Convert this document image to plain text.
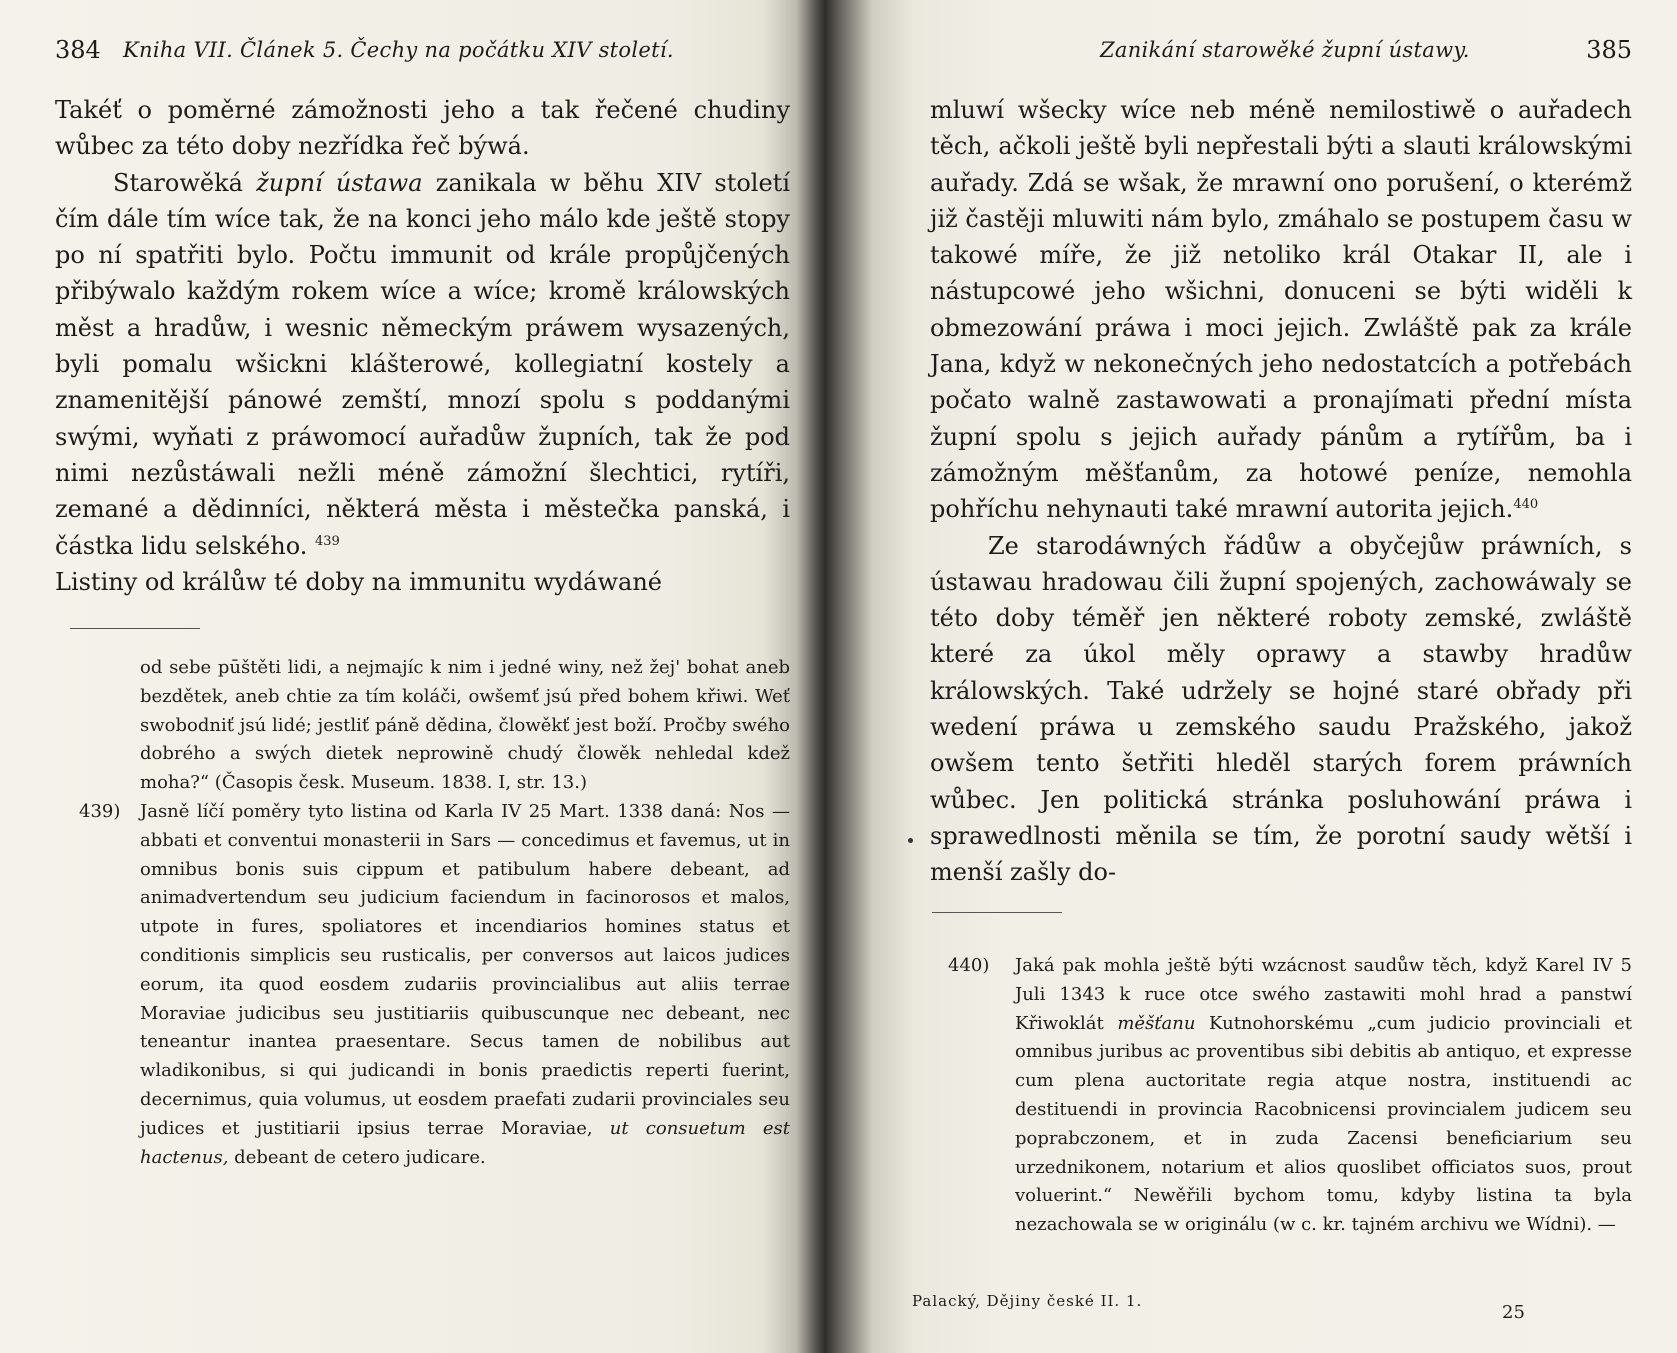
384 Kniha VII. Článek 5. Čechy na počátku XIV století.

Takéť o poměrné zámožnosti jeho a tak řečené chudiny wůbec za této doby nezřídka řeč býwá.

Starowěká župní ústawa zanikala w běhu XIV století čím dále tím wíce tak, že na konci jeho málo kde ještě stopy po ní spatřiti bylo. Počtu immunit od krále propůjčených přibýwalo každým rokem wíce a wíce; kromě králowských měst a hradůw, i wesnic německým práwem wysazených, byli pomalu wšickni klášterowé, kollegiatní kostely a znamenitější pánowé zemští, mnozí spolu s poddanými swými, wyňati z práwomocí auřadůw župních, tak že pod nimi nezůstáwali nežli méně zámožní šlechtici, rytíři, zemané a dědinníci, některá města i městečka panská, i částka lidu selského. $^{439}$

Listiny od králůw té doby na immunitu wydáwané

od sebe pūštěti lidi, a nejmajíc k nim i jedné winy, než žej' bohat aneb bezdětek, aneb chtie za tím koláči, owšemť jsú před bohem křiwi. Weť swobodniť jsú lidé; jestliť páně dědina, člowěkť jest boží. Pročby swého dobrého a swých dietek neprowině chudý člowěk nehledal kdež moha?“ (Časopis česk. Museum. 1838. I, str. 13.)

439) Jasně líčí poměry tyto listina od Karla IV 25 Mart. 1338 daná: Nos — abbati et conventui monasterii in Sars — concedimus et favemus, ut in omnibus bonis suis cippum et patibulum habere debeant, ad animadvertendum seu judicium faciendum in facinorosos et malos, utpote in fures, spoliatores et incendiarios homines status et conditionis simplicis seu rusticalis, per conversos aut laicos judices eorum, ita quod eosdem zudariis provincialibus aut aliis terrae Moraviae judicibus seu justitiariis quibuscunque nec debeant, nec teneantur inantea praesentare. Secus tamen de nobilibus aut wladikonibus, si qui judicandi in bonis praedictis reperti fuerint, decernimus, quia volumus, ut eosdem praefati zudarii provinciales seu judices et justitiarii ipsius terrae Moraviae, ut consuetum est hactenus, debeant de cetero judicare.

Zanikání starowěké župní ústawy.	385

mluwí wšecky wíce neb méně nemilostiwě o auřadech těch, ačkoli ještě byli nepřestali býti a slauti králowskými auřady. Zdá se wšak, že mrawní ono porušení, o kterémž již častěji mluwiti nám bylo, zmáhalo se postupem času w takowé míře, že již netoliko král Otakar II, ale i nástupcowé jeho wšichni, donuceni se býti widěli k obmezowání práwa i moci jejich. Zwláště pak za krále Jana, když w nekonečných jeho nedostatcích a potřebách počato walně zastawowati a pronajímati přední místa župní spolu s jejich auřady pánům a rytířům, ba i zámožným měšťanům, za hotowé peníze, nemohla pohříchu nehynauti také mrawní autorita jejich.$^{440}$

Ze starodáwných řádůw a obyčejůw práwních, s ústawau hradowau čili župní spojených, zachowáwaly se této doby téměř jen některé roboty zemské, zwláště které za úkol měly oprawy a stawby hradůw králowských. Také udržely se hojné staré obřady při wedení práwa u zemského saudu Pražského, jakož owšem tento šetřiti hleděl starých forem práwních wůbec. Jen politická stránka posluhowání práwa i sprawedlnosti měnila se tím, že porotní saudy wětší i menší zašly do-

440) Jaká pak mohla ještě býti wzácnost saudůw těch, když Karel IV 5 Juli 1343 k ruce otce swého zastawiti mohl hrad a panstwí Křiwoklát měšťanu Kutnohorskému „cum judicio provinciali et omnibus juribus ac proventibus sibi debitis ab antiquo, et expresse cum plena auctoritate regia atque nostra, instituendi ac destituendi in provincia Racobnicensi provincialem judicem seu poprabczonem, et in zuda Zacensi beneficiarium seu urzednikonem, notarium et alios quoslibet officiatos suos, prout voluerint.“ Newěřili bychom tomu, kdyby listina ta byla nezachowala se w originálu (w c. kr. tajném archivu we Wídni). —

Palacký, Dějiny české II. 1.
25
